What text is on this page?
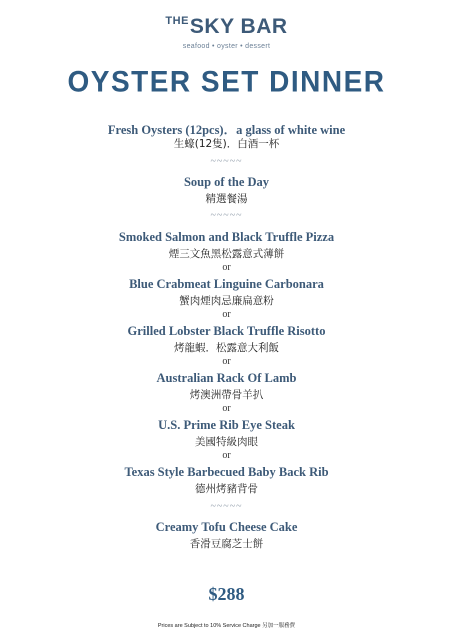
$^{THE}$SKY BAR
seafood • oyster • dessert
OYSTER SET DINNER
Fresh Oysters (12pcs)．a glass of white wine
生蠔(12隻)．白酒一杯
~~~~~
Soup of the Day
精選餐湯
~~~~~
Smoked Salmon and Black Truffle Pizza
煙三文魚黑松露意式薄餅
or
Blue Crabmeat Linguine Carbonara
蟹肉煙肉忌廉扁意粉
or
Grilled Lobster Black Truffle Risotto
烤龍蝦．松露意大利飯
or
Australian Rack Of Lamb
烤澳洲帶骨羊扒
or
U.S. Prime Rib Eye Steak
美國特級肉眼
or
Texas Style Barbecued Baby Back Rib
德州烤豬背骨
~~~~~
Creamy Tofu Cheese Cake
香滑豆腐芝士餅
$288
Prices are Subject to 10% Service Charge 另加一服務費
